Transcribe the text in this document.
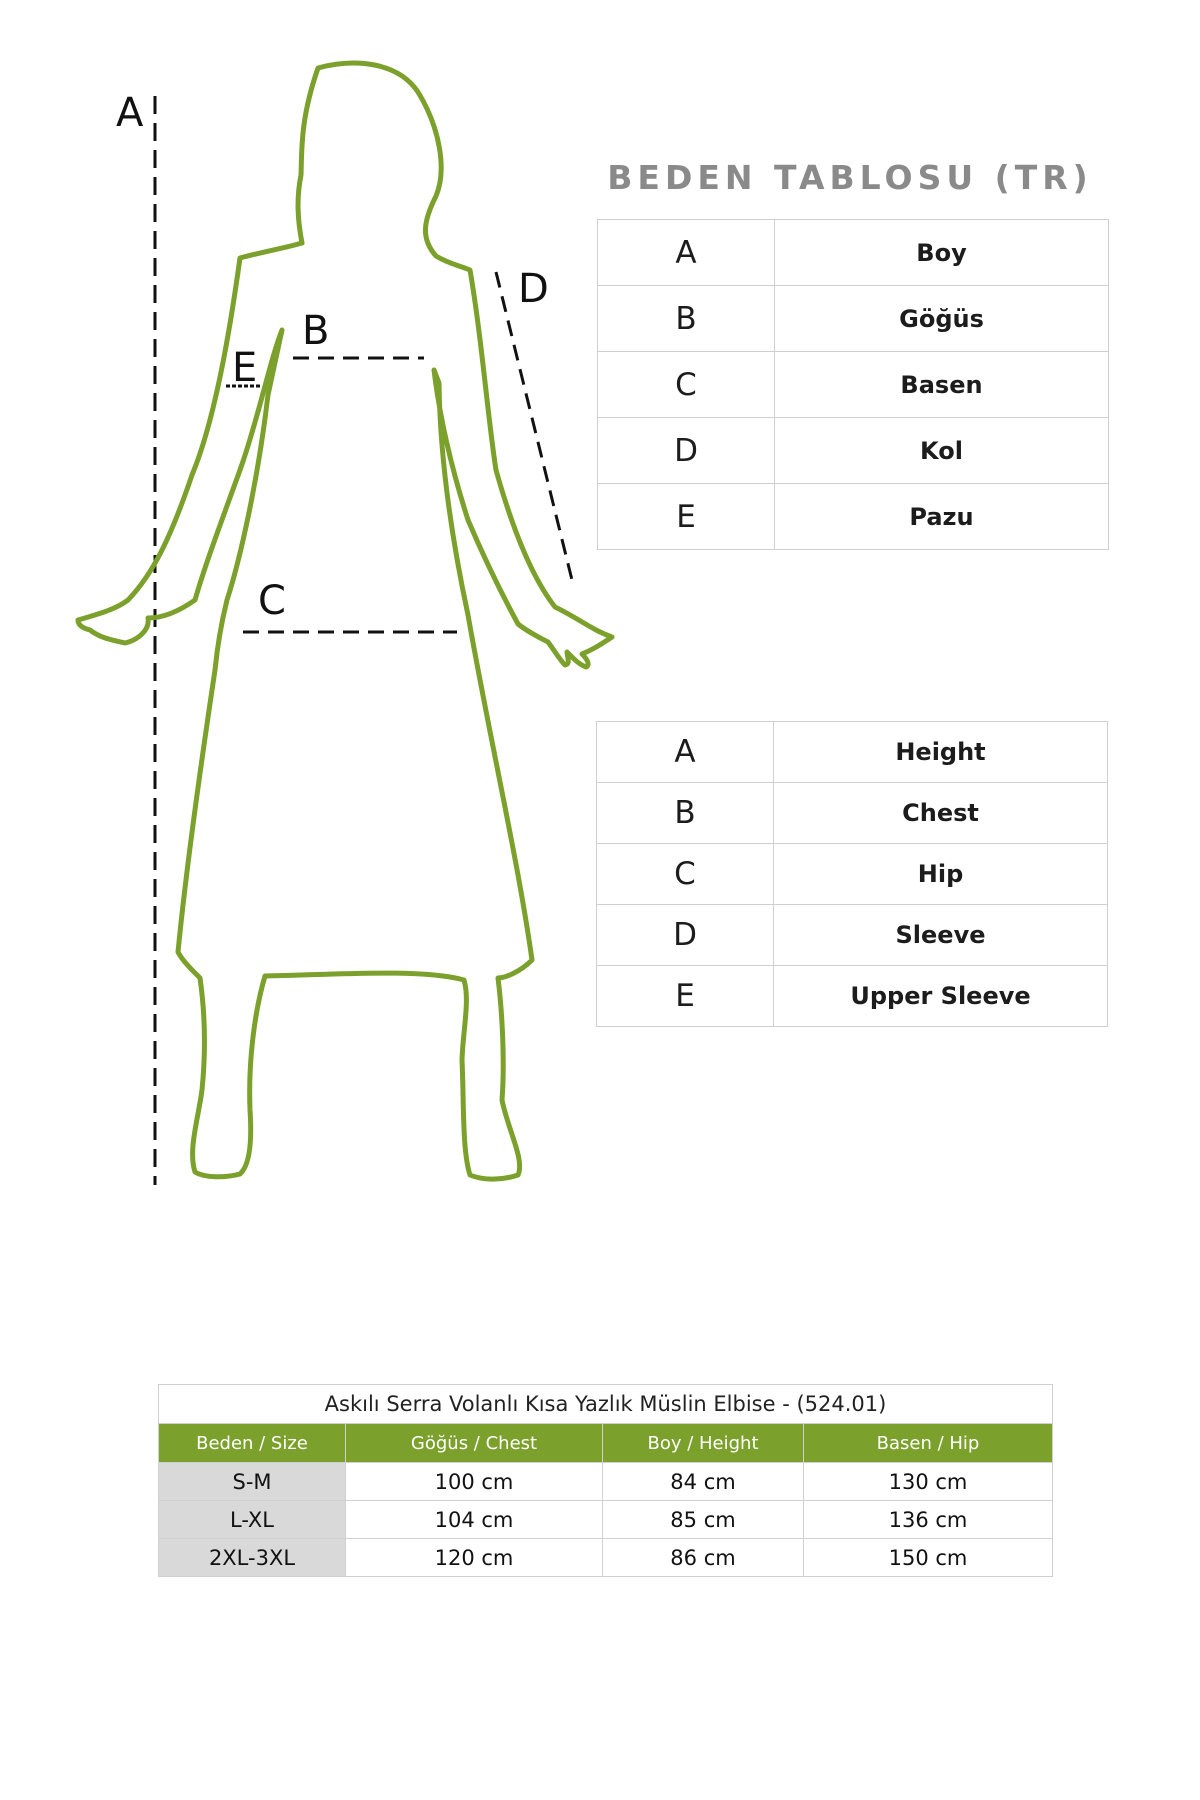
A
B
C
D
E
BEDEN TABLOSU (TR)
A	Boy
B	Göğüs
C	Basen
D	Kol
E	Pazu
A	Height
B	Chest
C	Hip
D	Sleeve
E	Upper Sleeve
Askılı Serra Volanlı Kısa Yazlık Müslin Elbise - (524.01)			
Beden / Size	Göğüs / Chest	Boy / Height	Basen / Hip
S-M	100 cm	84 cm	130 cm
L-XL	104 cm	85 cm	136 cm
2XL-3XL	120 cm	86 cm	150 cm
